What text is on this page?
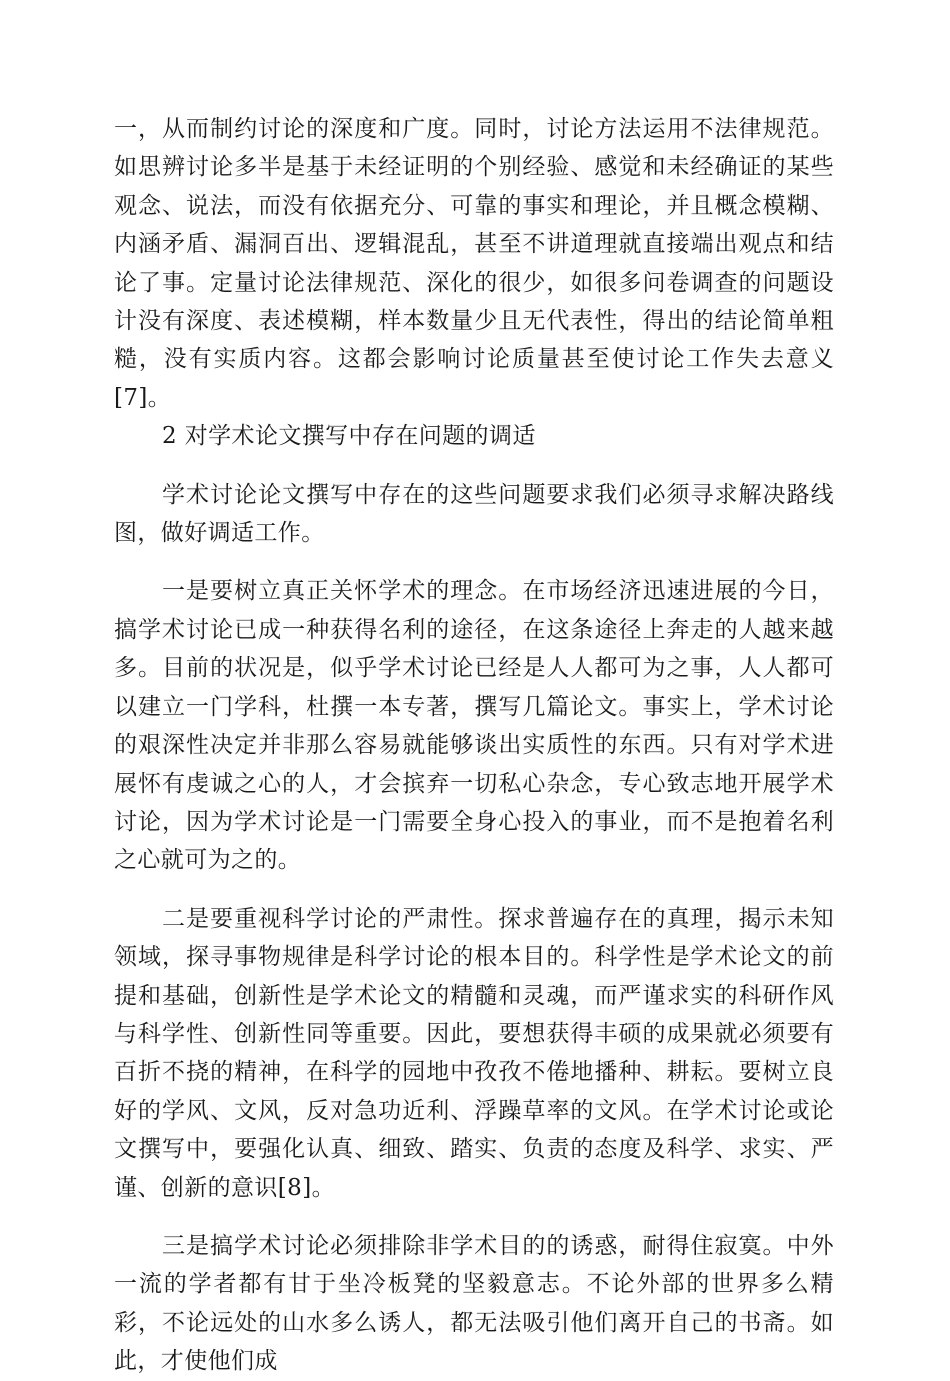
一，从而制约讨论的深度和广度。同时，讨论方法运用不法律规范。如思辨讨论多半是基于未经证明的个别经验、感觉和未经确证的某些观念、说法，而没有依据充分、可靠的事实和理论，并且概念模糊、内涵矛盾、漏洞百出、逻辑混乱，甚至不讲道理就直接端出观点和结论了事。定量讨论法律规范、深化的很少，如很多问卷调查的问题设计没有深度、表述模糊，样本数量少且无代表性，得出的结论简单粗糙，没有实质内容。这都会影响讨论质量甚至使讨论工作失去意义[7]。

2 对学术论文撰写中存在问题的调适

学术讨论论文撰写中存在的这些问题要求我们必须寻求解决路线图，做好调适工作。

一是要树立真正关怀学术的理念。在市场经济迅速进展的今日，搞学术讨论已成一种获得名利的途径，在这条途径上奔走的人越来越多。目前的状况是，似乎学术讨论已经是人人都可为之事，人人都可以建立一门学科，杜撰一本专著，撰写几篇论文。事实上，学术讨论的艰深性决定并非那么容易就能够谈出实质性的东西。只有对学术进展怀有虔诚之心的人，才会摈弃一切私心杂念，专心致志地开展学术讨论，因为学术讨论是一门需要全身心投入的事业，而不是抱着名利之心就可为之的。

二是要重视科学讨论的严肃性。探求普遍存在的真理，揭示未知领域，探寻事物规律是科学讨论的根本目的。科学性是学术论文的前提和基础，创新性是学术论文的精髓和灵魂，而严谨求实的科研作风与科学性、创新性同等重要。因此，要想获得丰硕的成果就必须要有百折不挠的精神，在科学的园地中孜孜不倦地播种、耕耘。要树立良好的学风、文风，反对急功近利、浮躁草率的文风。在学术讨论或论文撰写中，要强化认真、细致、踏实、负责的态度及科学、求实、严谨、创新的意识[8]。

三是搞学术讨论必须排除非学术目的的诱惑，耐得住寂寞。中外一流的学者都有甘于坐冷板凳的坚毅意志。不论外部的世界多么精彩，不论远处的山水多么诱人，都无法吸引他们离开自己的书斋。如此，才使他们成
